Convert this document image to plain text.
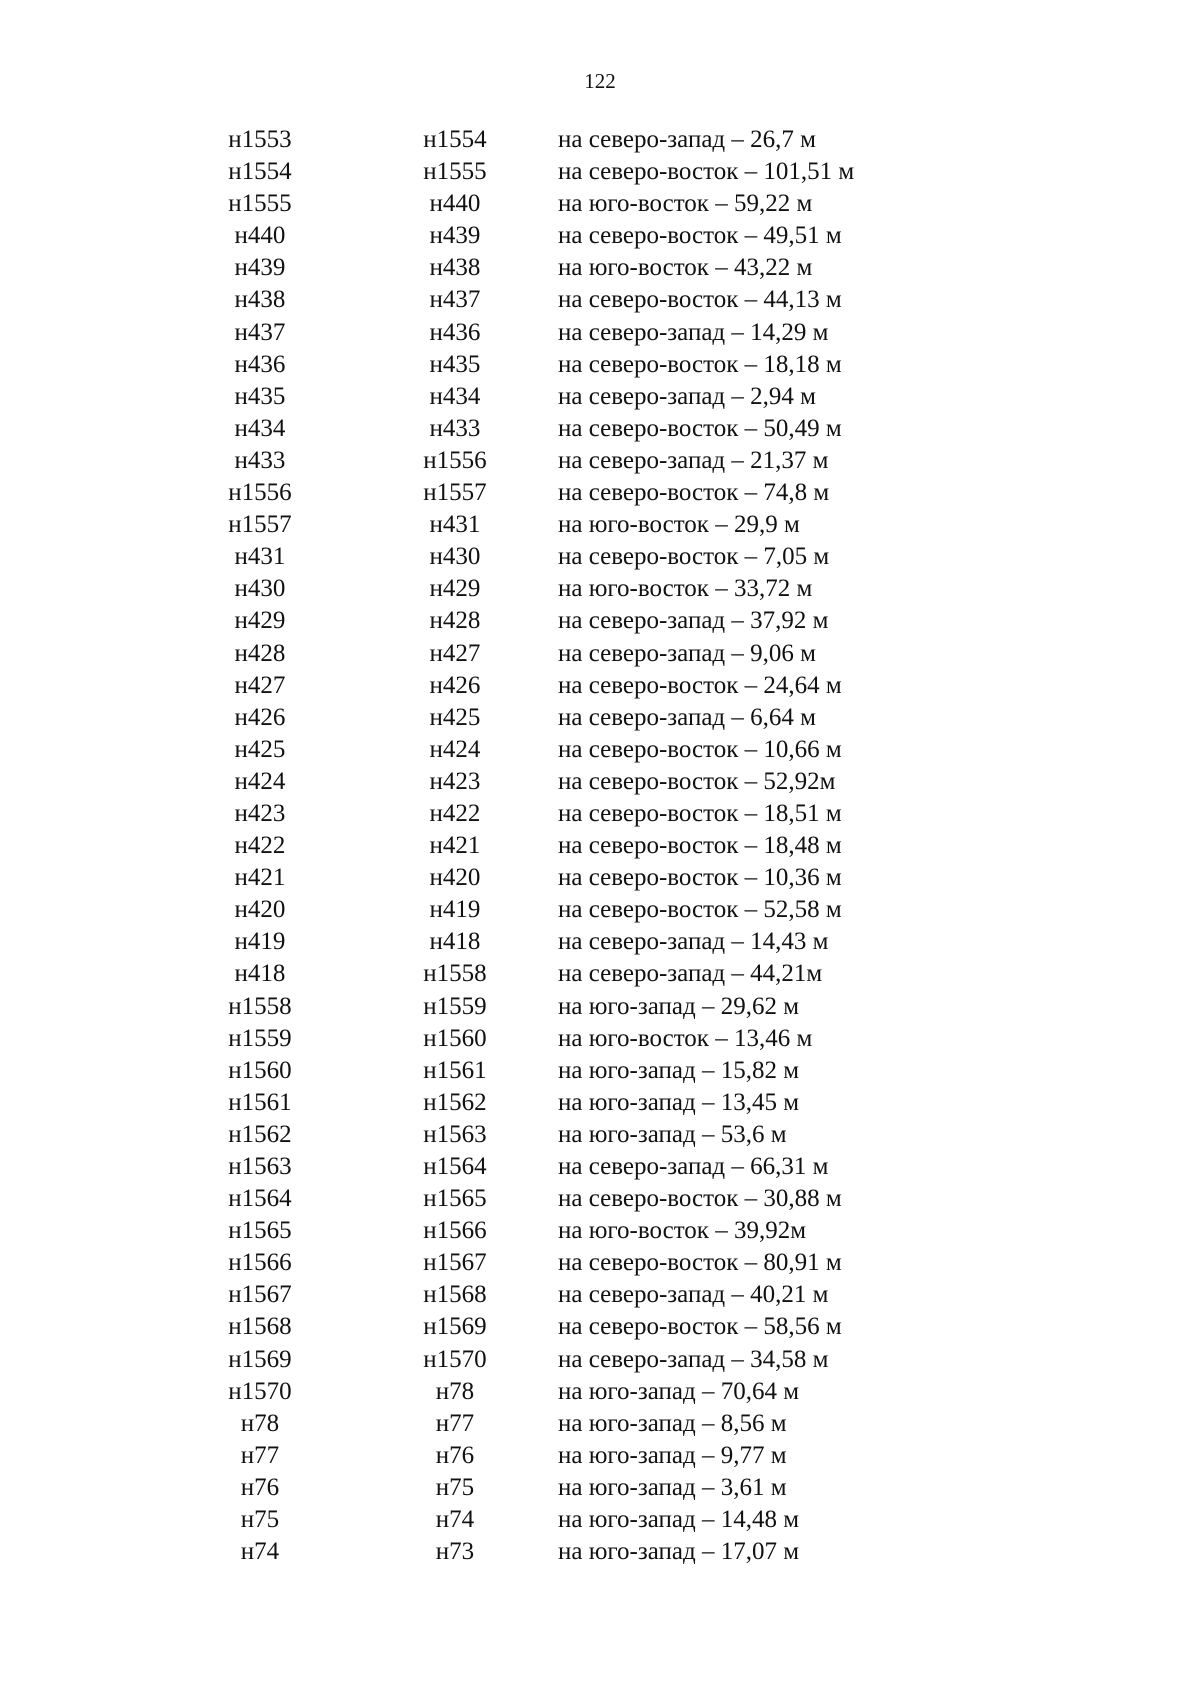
122
н1553	н1554	на северо-запад – 26,7 м
н1554	н1555	на северо-восток – 101,51 м
н1555	н440	на юго-восток – 59,22 м
н440	н439	на северо-восток – 49,51 м
н439	н438	на юго-восток – 43,22 м
н438	н437	на северо-восток – 44,13 м
н437	н436	на северо-запад – 14,29 м
н436	н435	на северо-восток – 18,18 м
н435	н434	на северо-запад – 2,94 м
н434	н433	на северо-восток – 50,49 м
н433	н1556	на северо-запад – 21,37 м
н1556	н1557	на северо-восток – 74,8 м
н1557	н431	на юго-восток – 29,9 м
н431	н430	на северо-восток – 7,05 м
н430	н429	на юго-восток – 33,72 м
н429	н428	на северо-запад – 37,92 м
н428	н427	на северо-запад – 9,06 м
н427	н426	на северо-восток – 24,64 м
н426	н425	на северо-запад – 6,64 м
н425	н424	на северо-восток – 10,66 м
н424	н423	на северо-восток – 52,92м
н423	н422	на северо-восток – 18,51 м
н422	н421	на северо-восток – 18,48 м
н421	н420	на северо-восток – 10,36 м
н420	н419	на северо-восток – 52,58 м
н419	н418	на северо-запад – 14,43 м
н418	н1558	на северо-запад – 44,21м
н1558	н1559	на юго-запад – 29,62 м
н1559	н1560	на юго-восток – 13,46 м
н1560	н1561	на юго-запад – 15,82 м
н1561	н1562	на юго-запад – 13,45 м
н1562	н1563	на юго-запад – 53,6 м
н1563	н1564	на северо-запад – 66,31 м
н1564	н1565	на северо-восток – 30,88 м
н1565	н1566	на юго-восток – 39,92м
н1566	н1567	на северо-восток – 80,91 м
н1567	н1568	на северо-запад – 40,21 м
н1568	н1569	на северо-восток – 58,56 м
н1569	н1570	на северо-запад – 34,58 м
н1570	н78	на юго-запад – 70,64 м
н78	н77	на юго-запад – 8,56 м
н77	н76	на юго-запад – 9,77 м
н76	н75	на юго-запад – 3,61 м
н75	н74	на юго-запад – 14,48 м
н74	н73	на юго-запад – 17,07 м
